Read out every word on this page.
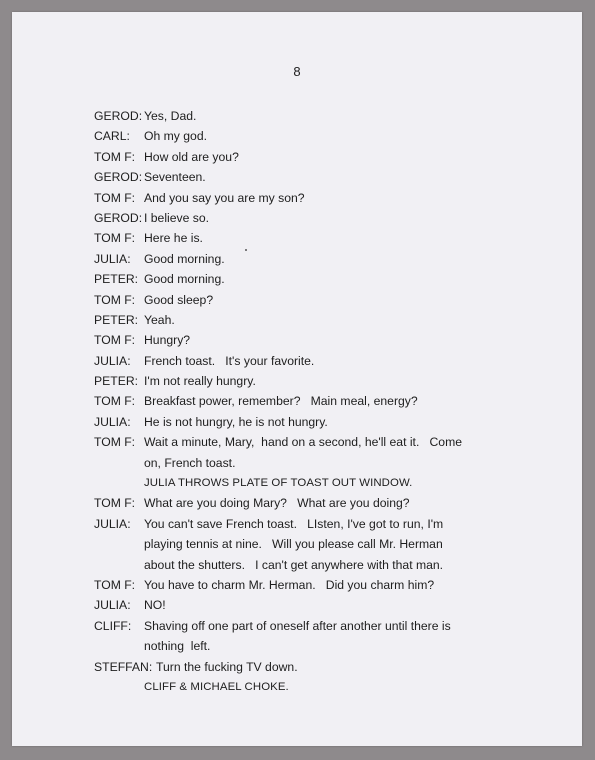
8
GEROD: Yes, Dad.
CARL: Oh my god.
TOM F: How old are you?
GEROD: Seventeen.
TOM F: And you say you are my son?
GEROD: I believe so.
TOM F: Here he is.
JULIA: Good morning.
PETER: Good morning.
TOM F: Good sleep?
PETER: Yeah.
TOM F: Hungry?
JULIA: French toast.   It's your favorite.
PETER: I'm not really hungry.
TOM F: Breakfast power, remember?   Main meal, energy?
JULIA: He is not hungry, he is not hungry.
TOM F: Wait a minute, Mary,  hand on a second, he'll eat it.   Come
on, French toast.
JULIA THROWS PLATE OF TOAST OUT WINDOW.
TOM F: What are you doing Mary?   What are you doing?
JULIA: You can't save French toast.   LIsten, I've got to run, I'm
playing tennis at nine.   Will you please call Mr. Herman
about the shutters.   I can't get anywhere with that man.
TOM F: You have to charm Mr. Herman.   Did you charm him?
JULIA: NO!
CLIFF: Shaving off one part of oneself after another until there is
nothing  left.
STEFFAN: Turn the fucking TV down.
CLIFF & MICHAEL CHOKE.
